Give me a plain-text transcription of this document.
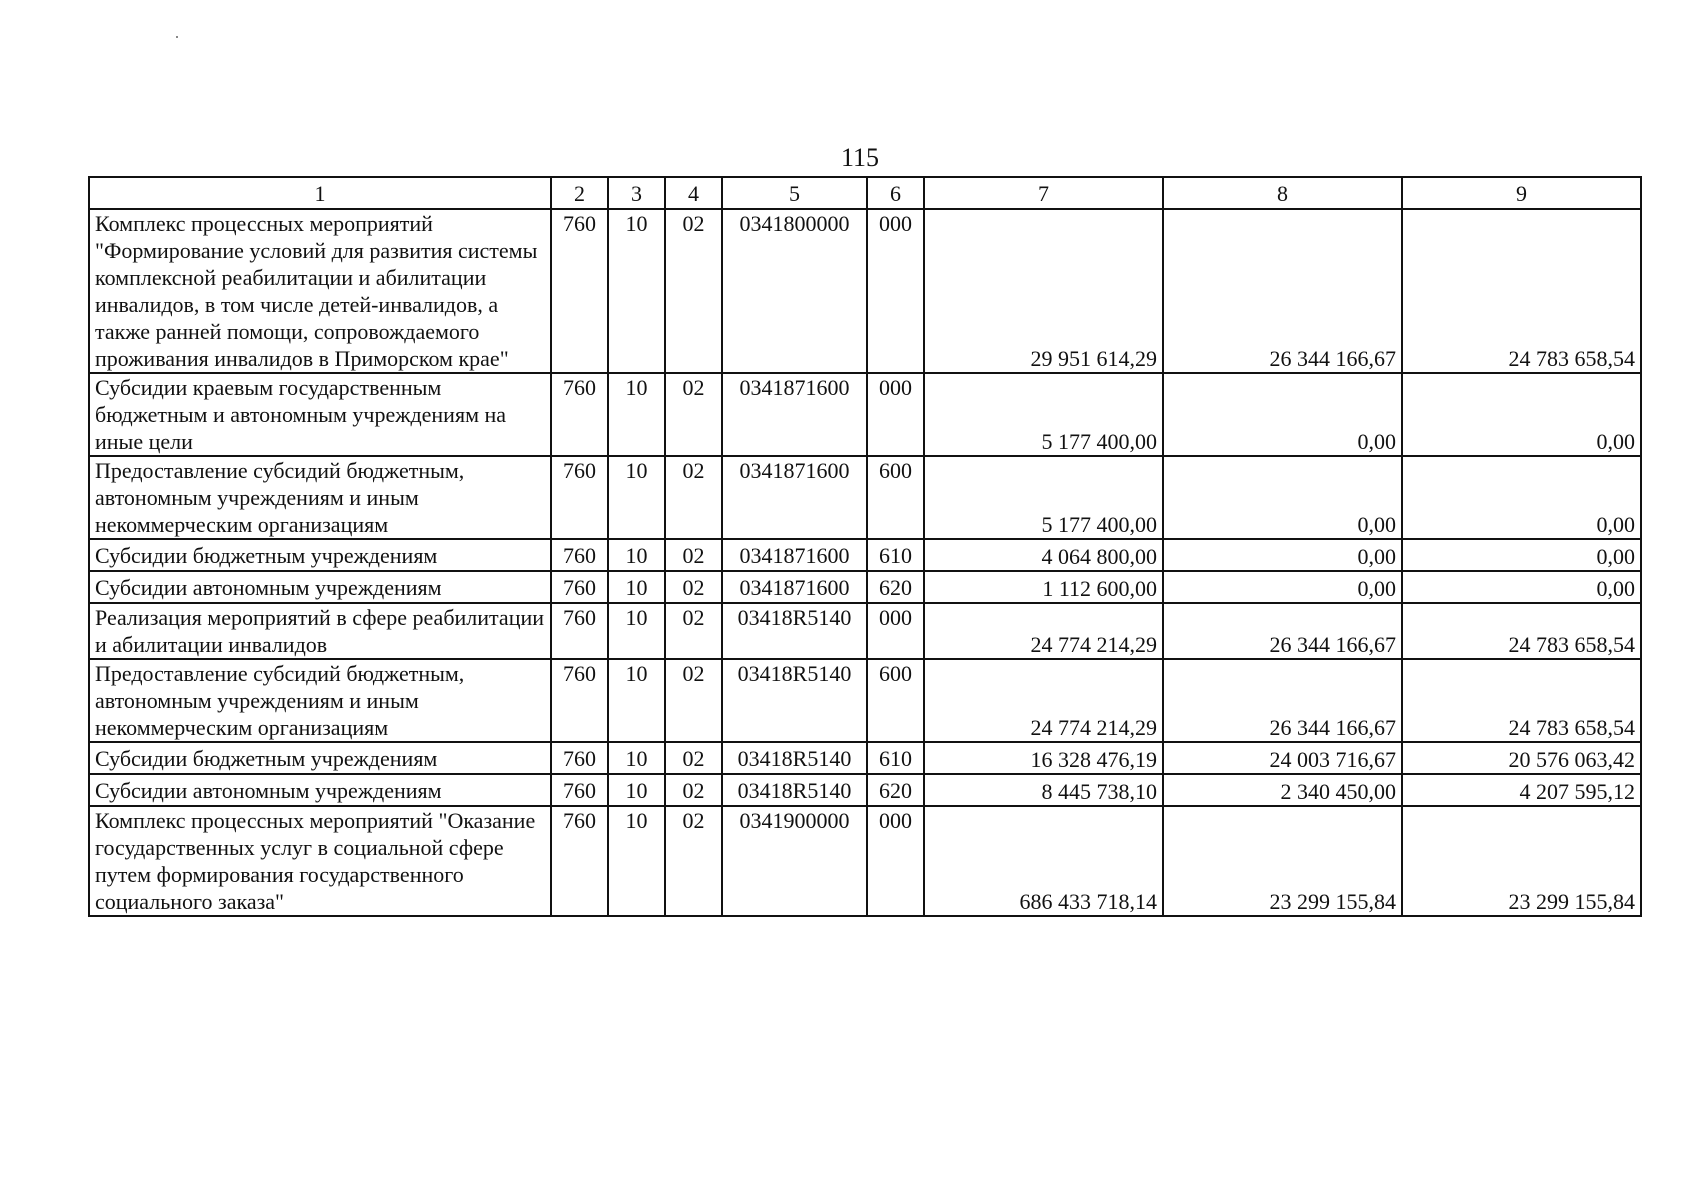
115
1	2	3	4	5	6	7	8	9
Комплекс процессных мероприятий "Формирование условий для развития системы комплексной реабилитации и абилитации инвалидов, в том числе детей-инвалидов, а также ранней помощи, сопровождаемого проживания инвалидов в Приморском крае"	760	10	02	0341800000	000	29 951 614,29	26 344 166,67	24 783 658,54
Субсидии краевым государственным бюджетным и автономным учреждениям на иные цели	760	10	02	0341871600	000	5 177 400,00	0,00	0,00
Предоставление субсидий бюджетным, автономным учреждениям и иным некоммерческим организациям	760	10	02	0341871600	600	5 177 400,00	0,00	0,00
Субсидии бюджетным учреждениям	760	10	02	0341871600	610	4 064 800,00	0,00	0,00
Субсидии автономным учреждениям	760	10	02	0341871600	620	1 112 600,00	0,00	0,00
Реализация мероприятий в сфере реабилитации и абилитации инвалидов	760	10	02	03418R5140	000	24 774 214,29	26 344 166,67	24 783 658,54
Предоставление субсидий бюджетным, автономным учреждениям и иным некоммерческим организациям	760	10	02	03418R5140	600	24 774 214,29	26 344 166,67	24 783 658,54
Субсидии бюджетным учреждениям	760	10	02	03418R5140	610	16 328 476,19	24 003 716,67	20 576 063,42
Субсидии автономным учреждениям	760	10	02	03418R5140	620	8 445 738,10	2 340 450,00	4 207 595,12
Комплекс процессных мероприятий "Оказание государственных услуг в социальной сфере путем формирования государственного социального заказа"	760	10	02	0341900000	000	686 433 718,14	23 299 155,84	23 299 155,84
